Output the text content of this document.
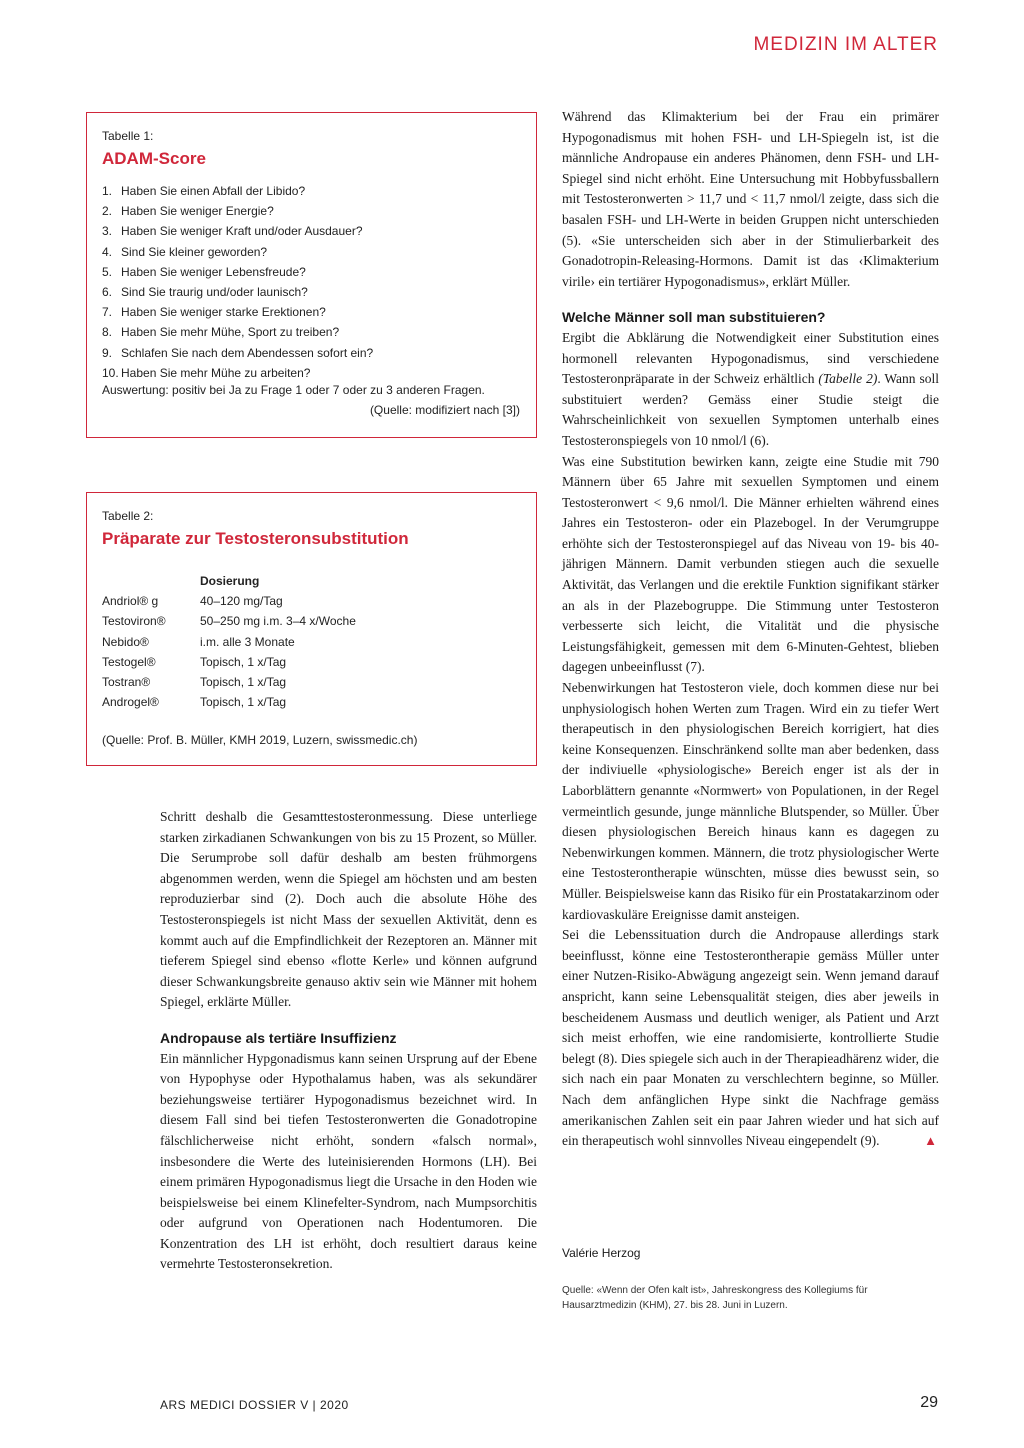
MEDIZIN IM ALTER
Tabelle 1:
ADAM-Score
1. Haben Sie einen Abfall der Libido?
2. Haben Sie weniger Energie?
3. Haben Sie weniger Kraft und/oder Ausdauer?
4. Sind Sie kleiner geworden?
5. Haben Sie weniger Lebensfreude?
6. Sind Sie traurig und/oder launisch?
7. Haben Sie weniger starke Erektionen?
8. Haben Sie mehr Mühe, Sport zu treiben?
9. Schlafen Sie nach dem Abendessen sofort ein?
10. Haben Sie mehr Mühe zu arbeiten?
Auswertung: positiv bei Ja zu Frage 1 oder 7 oder zu 3 anderen Fragen.
(Quelle: modifiziert nach [3])
Tabelle 2:
Präparate zur Testosteronsubstitution
	Dosierung
Andriol® g	40–120 mg/Tag
Testoviron®	50–250 mg i.m. 3–4 x/Woche
Nebido®	i.m. alle 3 Monate
Testogel®	Topisch, 1 x/Tag
Tostran®	Topisch, 1 x/Tag
Androgel®	Topisch, 1 x/Tag
(Quelle: Prof. B. Müller, KMH 2019, Luzern, swissmedic.ch)

Schritt deshalb die Gesamttestosteronmessung. Diese unterliege starken zirkadianen Schwankungen von bis zu 15 Prozent, so Müller. Die Serumprobe soll dafür deshalb am besten frühmorgens abgenommen werden, wenn die Spiegel am höchsten und am besten reproduzierbar sind (2). Doch auch die absolute Höhe des Testosteronspiegels ist nicht Mass der sexuellen Aktivität, denn es kommt auch auf die Empfindlichkeit der Rezeptoren an. Männer mit tieferem Spiegel sind ebenso «flotte Kerle» und können aufgrund dieser Schwankungsbreite genauso aktiv sein wie Männer mit hohem Spiegel, erklärte Müller.

Andropause als tertiäre Insuffizienz

Ein männlicher Hypgonadismus kann seinen Ursprung auf der Ebene von Hypophyse oder Hypothalamus haben, was als sekundärer beziehungsweise tertiärer Hypogonadismus bezeichnet wird. In diesem Fall sind bei tiefen Testosteronwerten die Gonadotropine fälschlicherweise nicht erhöht, sondern «falsch normal», insbesondere die Werte des luteinisierenden Hormons (LH). Bei einem primären Hypogonadismus liegt die Ursache in den Hoden wie beispielsweise bei einem Klinefelter-Syndrom, nach Mumpsorchitis oder aufgrund von Operationen nach Hodentumoren. Die Konzentration des LH ist erhöht, doch resultiert daraus keine vermehrte Testosteronsekretion.

Während das Klimakterium bei der Frau ein primärer Hypogonadismus mit hohen FSH- und LH-Spiegeln ist, ist die männliche Andropause ein anderes Phänomen, denn FSH- und LH-Spiegel sind nicht erhöht. Eine Untersuchung mit Hobbyfussballern mit Testosteronwerten > 11,7 und < 11,7 nmol/l zeigte, dass sich die basalen FSH- und LH-Werte in beiden Gruppen nicht unterschieden (5). «Sie unterscheiden sich aber in der Stimulierbarkeit des Gonadotropin-Releasing-Hormons. Damit ist das ‹Klimakterium virile› ein tertiärer Hypogonadismus», erklärt Müller.

Welche Männer soll man substituieren?

Ergibt die Abklärung die Notwendigkeit einer Substitution eines hormonell relevanten Hypogonadismus, sind verschiedene Testosteronpräparate in der Schweiz erhältlich (Tabelle 2). Wann soll substituiert werden? Gemäss einer Studie steigt die Wahrscheinlichkeit von sexuellen Symptomen unterhalb eines Testosteronspiegels von 10 nmol/l (6).

Was eine Substitution bewirken kann, zeigte eine Studie mit 790 Männern über 65 Jahre mit sexuellen Symptomen und einem Testosteronwert < 9,6 nmol/l. Die Männer erhielten während eines Jahres ein Testosteron- oder ein Plazebogel. In der Verumgruppe erhöhte sich der Testosteronspiegel auf das Niveau von 19- bis 40-jährigen Männern. Damit verbunden stiegen auch die sexuelle Aktivität, das Verlangen und die erektile Funktion signifikant stärker an als in der Plazebogruppe. Die Stimmung unter Testosteron verbesserte sich leicht, die Vitalität und die physische Leistungsfähigkeit, gemessen mit dem 6-Minuten-Gehtest, blieben dagegen unbeeinflusst (7).

Nebenwirkungen hat Testosteron viele, doch kommen diese nur bei unphysiologisch hohen Werten zum Tragen. Wird ein zu tiefer Wert therapeutisch in den physiologischen Bereich korrigiert, hat dies keine Konsequenzen. Einschränkend sollte man aber bedenken, dass der indiviuelle «physiologische» Bereich enger ist als der in Laborblättern genannte «Normwert» von Populationen, in der Regel vermeintlich gesunde, junge männliche Blutspender, so Müller. Über diesen physiologischen Bereich hinaus kann es dagegen zu Nebenwirkungen kommen. Männern, die trotz physiologischer Werte eine Testosterontherapie wünschten, müsse dies bewusst sein, so Müller. Beispielsweise kann das Risiko für ein Prostatakarzinom oder kardiovaskuläre Ereignisse damit ansteigen.

Sei die Lebenssituation durch die Andropause allerdings stark beeinflusst, könne eine Testosterontherapie gemäss Müller unter einer Nutzen-Risiko-Abwägung angezeigt sein. Wenn jemand darauf anspricht, kann seine Lebensqualität steigen, dies aber jeweils in bescheidenem Ausmass und deutlich weniger, als Patient und Arzt sich meist erhoffen, wie eine randomisierte, kontrollierte Studie belegt (8). Dies spiegele sich auch in der Therapieadhärenz wider, die sich nach ein paar Monaten zu verschlechtern beginne, so Müller. Nach dem anfänglichen Hype sinkt die Nachfrage gemäss amerikanischen Zahlen seit ein paar Jahren wieder und hat sich auf ein therapeutisch wohl sinnvolles Niveau eingependelt (9).	▲

Valérie Herzog
Quelle: «Wenn der Ofen kalt ist», Jahreskongress des Kollegiums für Hausarztmedizin (KHM), 27. bis 28. Juni in Luzern.
ARS MEDICI DOSSIER V | 2020	29
